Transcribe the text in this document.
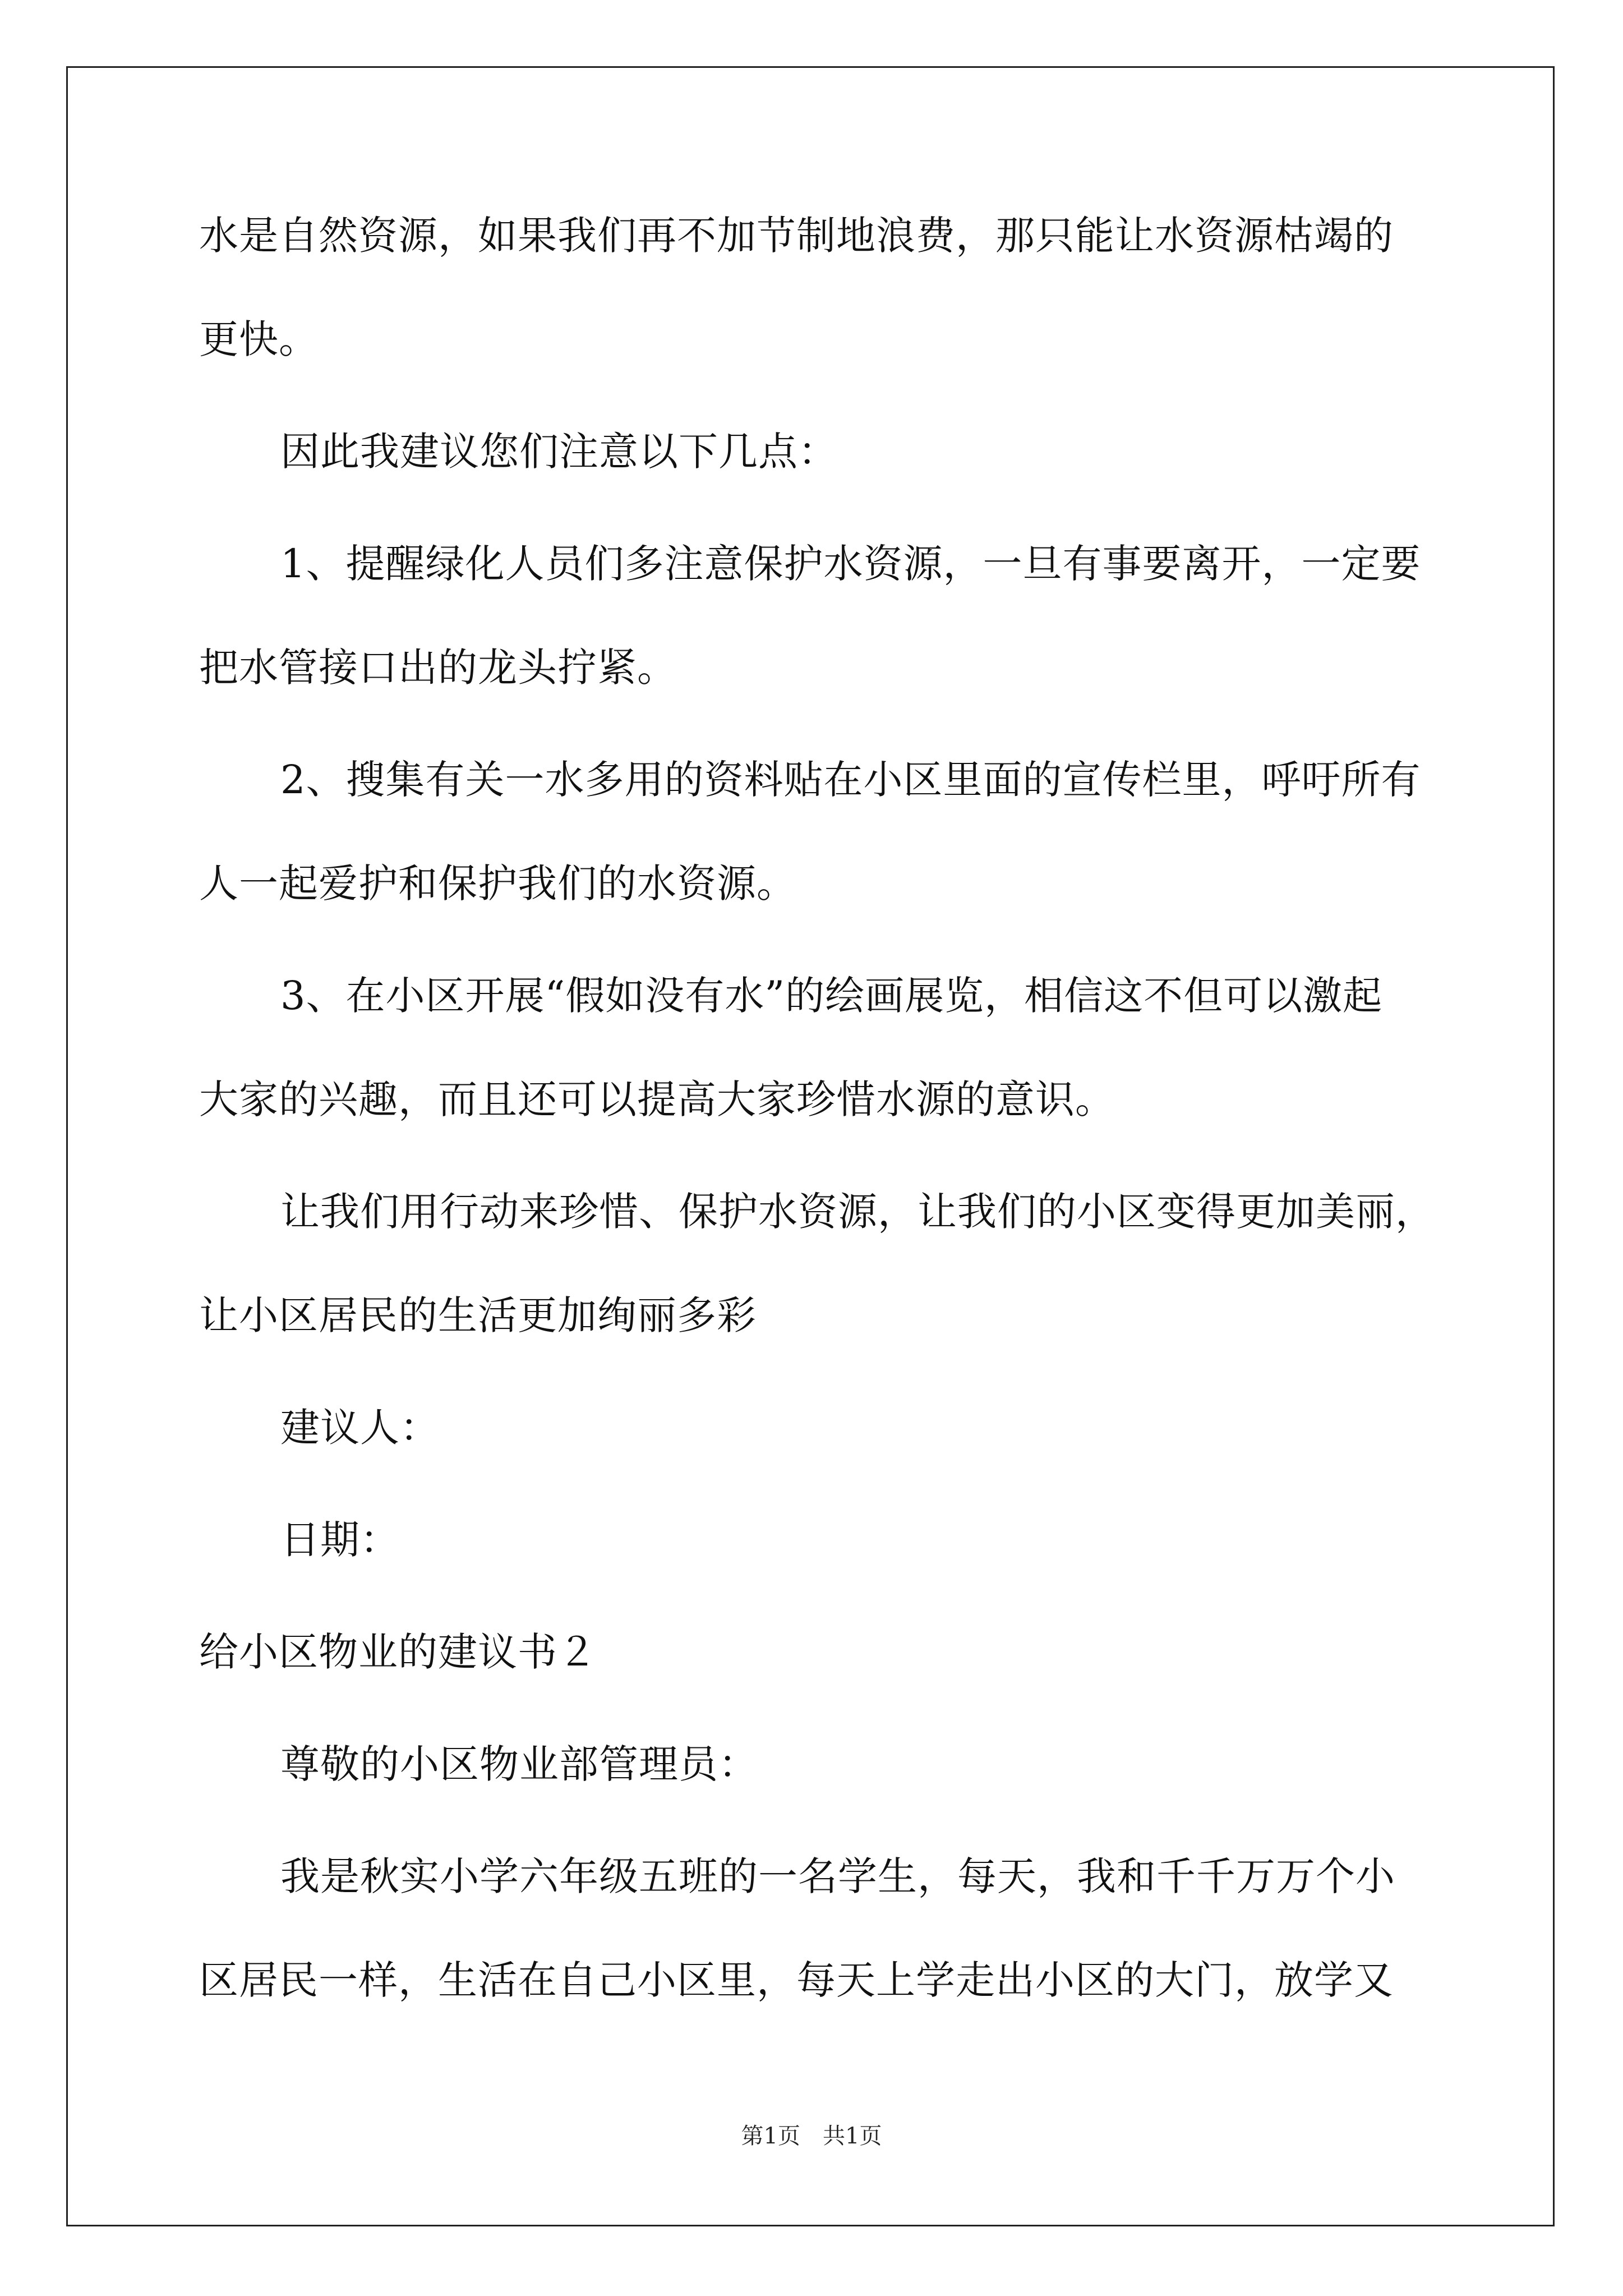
水是自然资源，如果我们再不加节制地浪费，那只能让水资源枯竭的
更快。
因此我建议您们注意以下几点：
1、提醒绿化人员们多注意保护水资源，一旦有事要离开，一定要
把水管接口出的龙头拧紧。
2、搜集有关一水多用的资料贴在小区里面的宣传栏里，呼吁所有
人一起爱护和保护我们的水资源。
3、在小区开展“假如没有水”的绘画展览，相信这不但可以激起
大家的兴趣，而且还可以提高大家珍惜水源的意识。
让我们用行动来珍惜、保护水资源，让我们的小区变得更加美丽，
让小区居民的生活更加绚丽多彩
建议人：
日期：
给小区物业的建议书２
尊敬的小区物业部管理员：
我是秋实小学六年级五班的一名学生，每天，我和千千万万个小
区居民一样，生活在自己小区里，每天上学走出小区的大门，放学又
第1页 共1页
